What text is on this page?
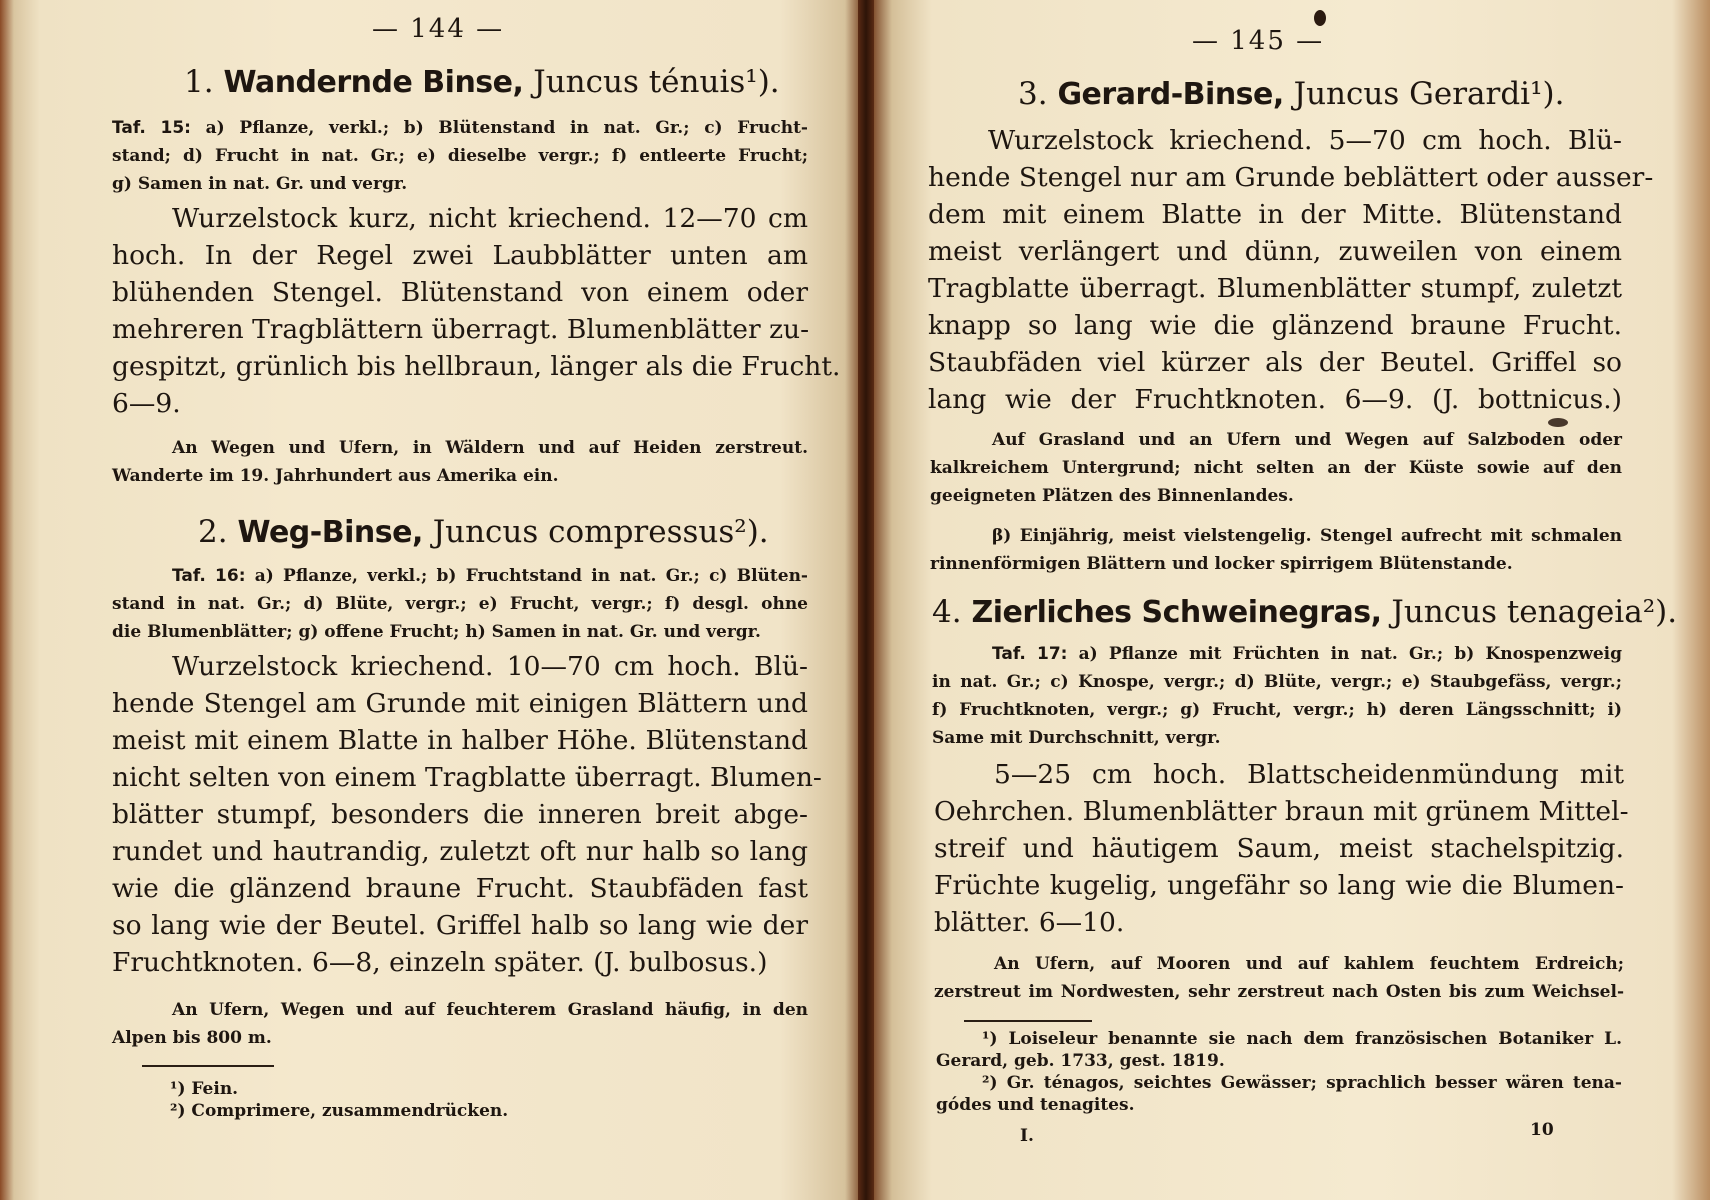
— 144 —
1. Wandernde Binse, Juncus ténuis¹).
Taf. 15: a) Pflanze, verkl.; b) Blütenstand in nat. Gr.; c) Frucht-
stand; d) Frucht in nat. Gr.; e) dieselbe vergr.; f) entleerte Frucht;
g) Samen in nat. Gr. und vergr.
Wurzelstock kurz, nicht kriechend. 12—70 cm
hoch. In der Regel zwei Laubblätter unten am
blühenden Stengel. Blütenstand von einem oder
mehreren Tragblättern überragt. Blumenblätter zu-
gespitzt, grünlich bis hellbraun, länger als die Frucht.
6—9.
An Wegen und Ufern, in Wäldern und auf Heiden zerstreut.
Wanderte im 19. Jahrhundert aus Amerika ein.
2. Weg-Binse, Juncus compressus²).
Taf. 16: a) Pflanze, verkl.; b) Fruchtstand in nat. Gr.; c) Blüten-
stand in nat. Gr.; d) Blüte, vergr.; e) Frucht, vergr.; f) desgl. ohne
die Blumenblätter; g) offene Frucht; h) Samen in nat. Gr. und vergr.
Wurzelstock kriechend. 10—70 cm hoch. Blü-
hende Stengel am Grunde mit einigen Blättern und
meist mit einem Blatte in halber Höhe. Blütenstand
nicht selten von einem Tragblatte überragt. Blumen-
blätter stumpf, besonders die inneren breit abge-
rundet und hautrandig, zuletzt oft nur halb so lang
wie die glänzend braune Frucht. Staubfäden fast
so lang wie der Beutel. Griffel halb so lang wie der
Fruchtknoten. 6—8, einzeln später. (J. bulbosus.)
An Ufern, Wegen und auf feuchterem Grasland häufig, in den
Alpen bis 800 m.
¹) Fein.
²) Comprimere, zusammendrücken.
— 145 —
3. Gerard-Binse, Juncus Gerardi¹).
Wurzelstock kriechend. 5—70 cm hoch. Blü-
hende Stengel nur am Grunde beblättert oder ausser-
dem mit einem Blatte in der Mitte. Blütenstand
meist verlängert und dünn, zuweilen von einem
Tragblatte überragt. Blumenblätter stumpf, zuletzt
knapp so lang wie die glänzend braune Frucht.
Staubfäden viel kürzer als der Beutel. Griffel so
lang wie der Fruchtknoten. 6—9. (J. bottnicus.)
Auf Grasland und an Ufern und Wegen auf Salzboden oder
kalkreichem Untergrund; nicht selten an der Küste sowie auf den
geeigneten Plätzen des Binnenlandes.
β) Einjährig, meist vielstengelig. Stengel aufrecht mit schmalen
rinnenförmigen Blättern und locker spirrigem Blütenstande.
4. Zierliches Schweinegras, Juncus tenageia²).
Taf. 17: a) Pflanze mit Früchten in nat. Gr.; b) Knospenzweig
in nat. Gr.; c) Knospe, vergr.; d) Blüte, vergr.; e) Staubgefäss, vergr.;
f) Fruchtknoten, vergr.; g) Frucht, vergr.; h) deren Längsschnitt; i)
Same mit Durchschnitt, vergr.
5—25 cm hoch. Blattscheidenmündung mit
Oehrchen. Blumenblätter braun mit grünem Mittel-
streif und häutigem Saum, meist stachelspitzig.
Früchte kugelig, ungefähr so lang wie die Blumen-
blätter. 6—10.
An Ufern, auf Mooren und auf kahlem feuchtem Erdreich;
zerstreut im Nordwesten, sehr zerstreut nach Osten bis zum Weichsel-
¹) Loiseleur benannte sie nach dem französischen Botaniker L.
Gerard, geb. 1733, gest. 1819.
²) Gr. ténagos, seichtes Gewässer; sprachlich besser wären tena-
gódes und tenagites.
I.	10
